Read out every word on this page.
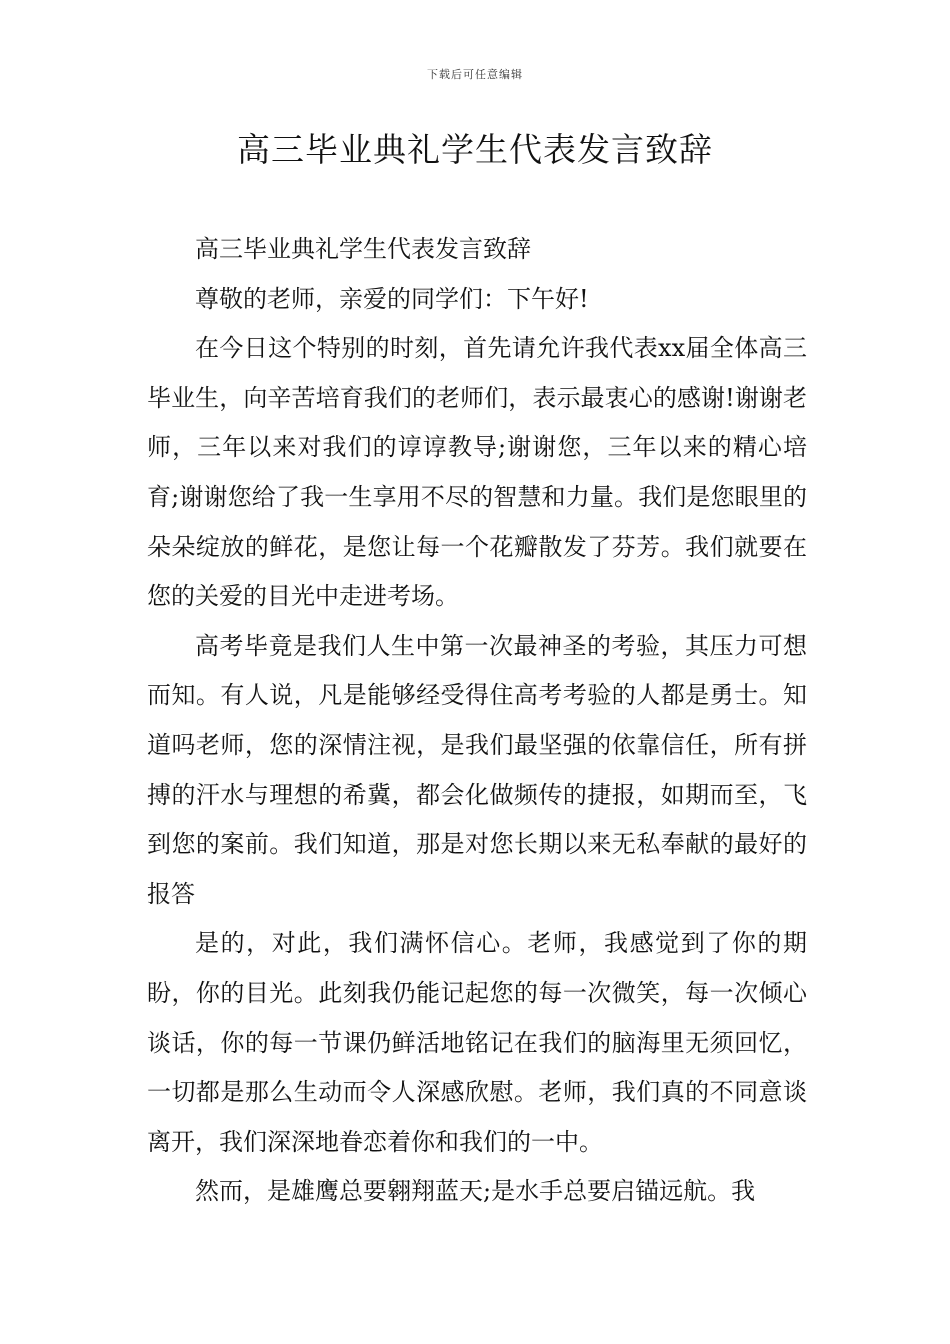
下载后可任意编辑
高三毕业典礼学生代表发言致辞

高三毕业典礼学生代表发言致辞

尊敬的老师，亲爱的同学们：下午好!

在今日这个特别的时刻，首先请允许我代表xx届全体高三毕业生，向辛苦培育我们的老师们，表示最衷心的感谢!谢谢老师，三年以来对我们的谆谆教导;谢谢您，三年以来的精心培育;谢谢您给了我一生享用不尽的智慧和力量。我们是您眼里的朵朵绽放的鲜花，是您让每一个花瓣散发了芬芳。我们就要在您的关爱的目光中走进考场。

高考毕竟是我们人生中第一次最神圣的考验，其压力可想而知。有人说，凡是能够经受得住高考考验的人都是勇士。知道吗老师，您的深情注视，是我们最坚强的依靠信任，所有拼搏的汗水与理想的希冀，都会化做频传的捷报，如期而至，飞到您的案前。我们知道，那是对您长期以来无私奉献的最好的报答

是的，对此，我们满怀信心。老师，我感觉到了你的期盼，你的目光。此刻我仍能记起您的每一次微笑，每一次倾心谈话，你的每一节课仍鲜活地铭记在我们的脑海里无须回忆，一切都是那么生动而令人深感欣慰。老师，我们真的不同意谈离开，我们深深地眷恋着你和我们的一中。

然而，是雄鹰总要翱翔蓝天;是水手总要启锚远航。我
